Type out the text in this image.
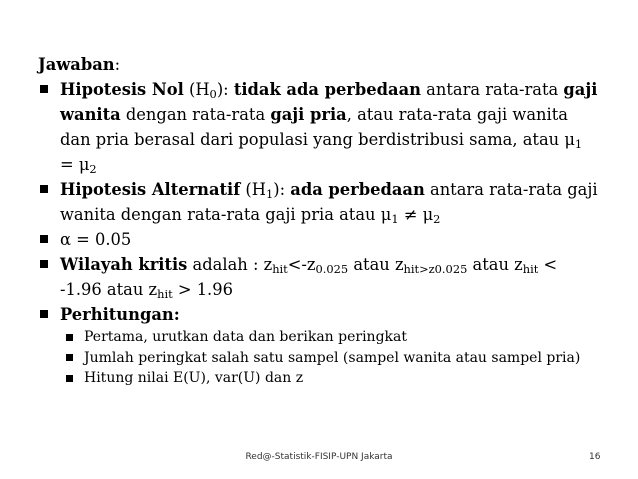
Jawaban:

Hipotesis Nol $(H_0)$: tidak ada perbedaan antara rata-rata gaji wanita dengan rata-rata gaji pria, atau rata-rata gaji wanita dan pria berasal dari populasi yang berdistribusi sama, atau $\mu_1 = \mu_2$
Hipotesis Alternatif $(H_1)$: ada perbedaan antara rata-rata gaji wanita dengan rata-rata gaji pria atau $\mu_1 \ne \mu_2$
α = 0.05
Wilayah kritis adalah : $z_{hit}<-z_{0.025}$ atau $z_{hit>z0.025}$ atau $z_{hit} < -1.96$ atau $z_{hit} > 1.96$
Perhitungan:
Pertama, urutkan data dan berikan peringkat
Jumlah peringkat salah satu sampel (sampel wanita atau sampel pria)
Hitung nilai E(U), var(U) dan z
Red@-Statistik-FISIP-UPN Jakarta	16
